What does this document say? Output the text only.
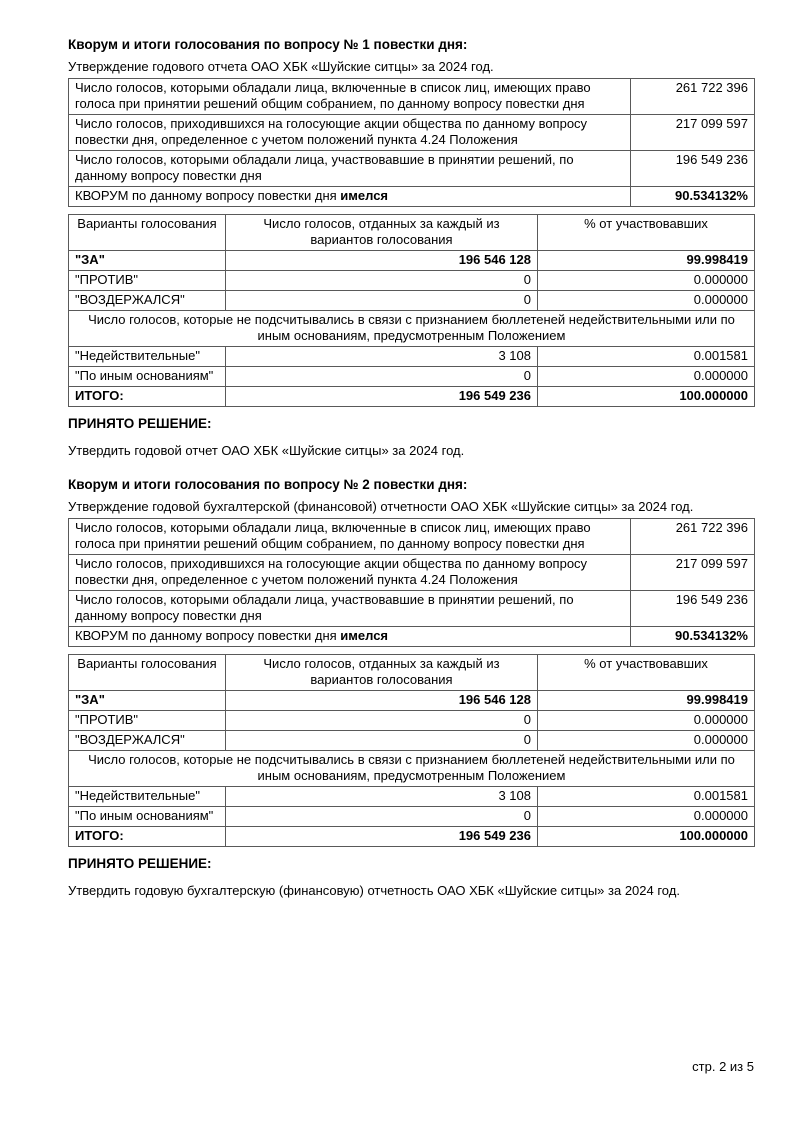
Кворум и итоги голосования по вопросу № 1 повестки дня:

Утверждение годового отчета ОАО ХБК «Шуйские ситцы» за 2024 год.

Число голосов, которыми обладали лица, включенные в список лиц, имеющих право голоса при принятии решений общим собранием, по данному вопросу повестки дня	261 722 396
Число голосов, приходившихся на голосующие акции общества по данному вопросу повестки дня, определенное с учетом положений пункта 4.24 Положения	217 099 597
Число голосов, которыми обладали лица, участвовавшие в принятии решений, по данному вопросу повестки дня	196 549 236
КВОРУМ по данному вопросу повестки дня имелся	90.534132%
Варианты голосования	Число голосов, отданных за каждый из вариантов голосования	% от участвовавших
"ЗА"	196 546 128	99.998419
"ПРОТИВ"	0	0.000000
"ВОЗДЕРЖАЛСЯ"	0	0.000000
Число голосов, которые не подсчитывались в связи с признанием бюллетеней недействительными или по иным основаниям, предусмотренным Положением		
"Недействительные"	3 108	0.001581
"По иным основаниям"	0	0.000000
ИТОГО:	196 549 236	100.000000
ПРИНЯТО РЕШЕНИЕ:

Утвердить годовой отчет ОАО ХБК «Шуйские ситцы» за 2024 год.

Кворум и итоги голосования по вопросу № 2 повестки дня:

Утверждение годовой бухгалтерской (финансовой) отчетности ОАО ХБК «Шуйские ситцы» за 2024 год.

Число голосов, которыми обладали лица, включенные в список лиц, имеющих право голоса при принятии решений общим собранием, по данному вопросу повестки дня	261 722 396
Число голосов, приходившихся на голосующие акции общества по данному вопросу повестки дня, определенное с учетом положений пункта 4.24 Положения	217 099 597
Число голосов, которыми обладали лица, участвовавшие в принятии решений, по данному вопросу повестки дня	196 549 236
КВОРУМ по данному вопросу повестки дня имелся	90.534132%
Варианты голосования	Число голосов, отданных за каждый из вариантов голосования	% от участвовавших
"ЗА"	196 546 128	99.998419
"ПРОТИВ"	0	0.000000
"ВОЗДЕРЖАЛСЯ"	0	0.000000
Число голосов, которые не подсчитывались в связи с признанием бюллетеней недействительными или по иным основаниям, предусмотренным Положением		
"Недействительные"	3 108	0.001581
"По иным основаниям"	0	0.000000
ИТОГО:	196 549 236	100.000000
ПРИНЯТО РЕШЕНИЕ:

Утвердить годовую бухгалтерскую (финансовую) отчетность ОАО ХБК «Шуйские ситцы» за 2024 год.

стр. 2 из 5
